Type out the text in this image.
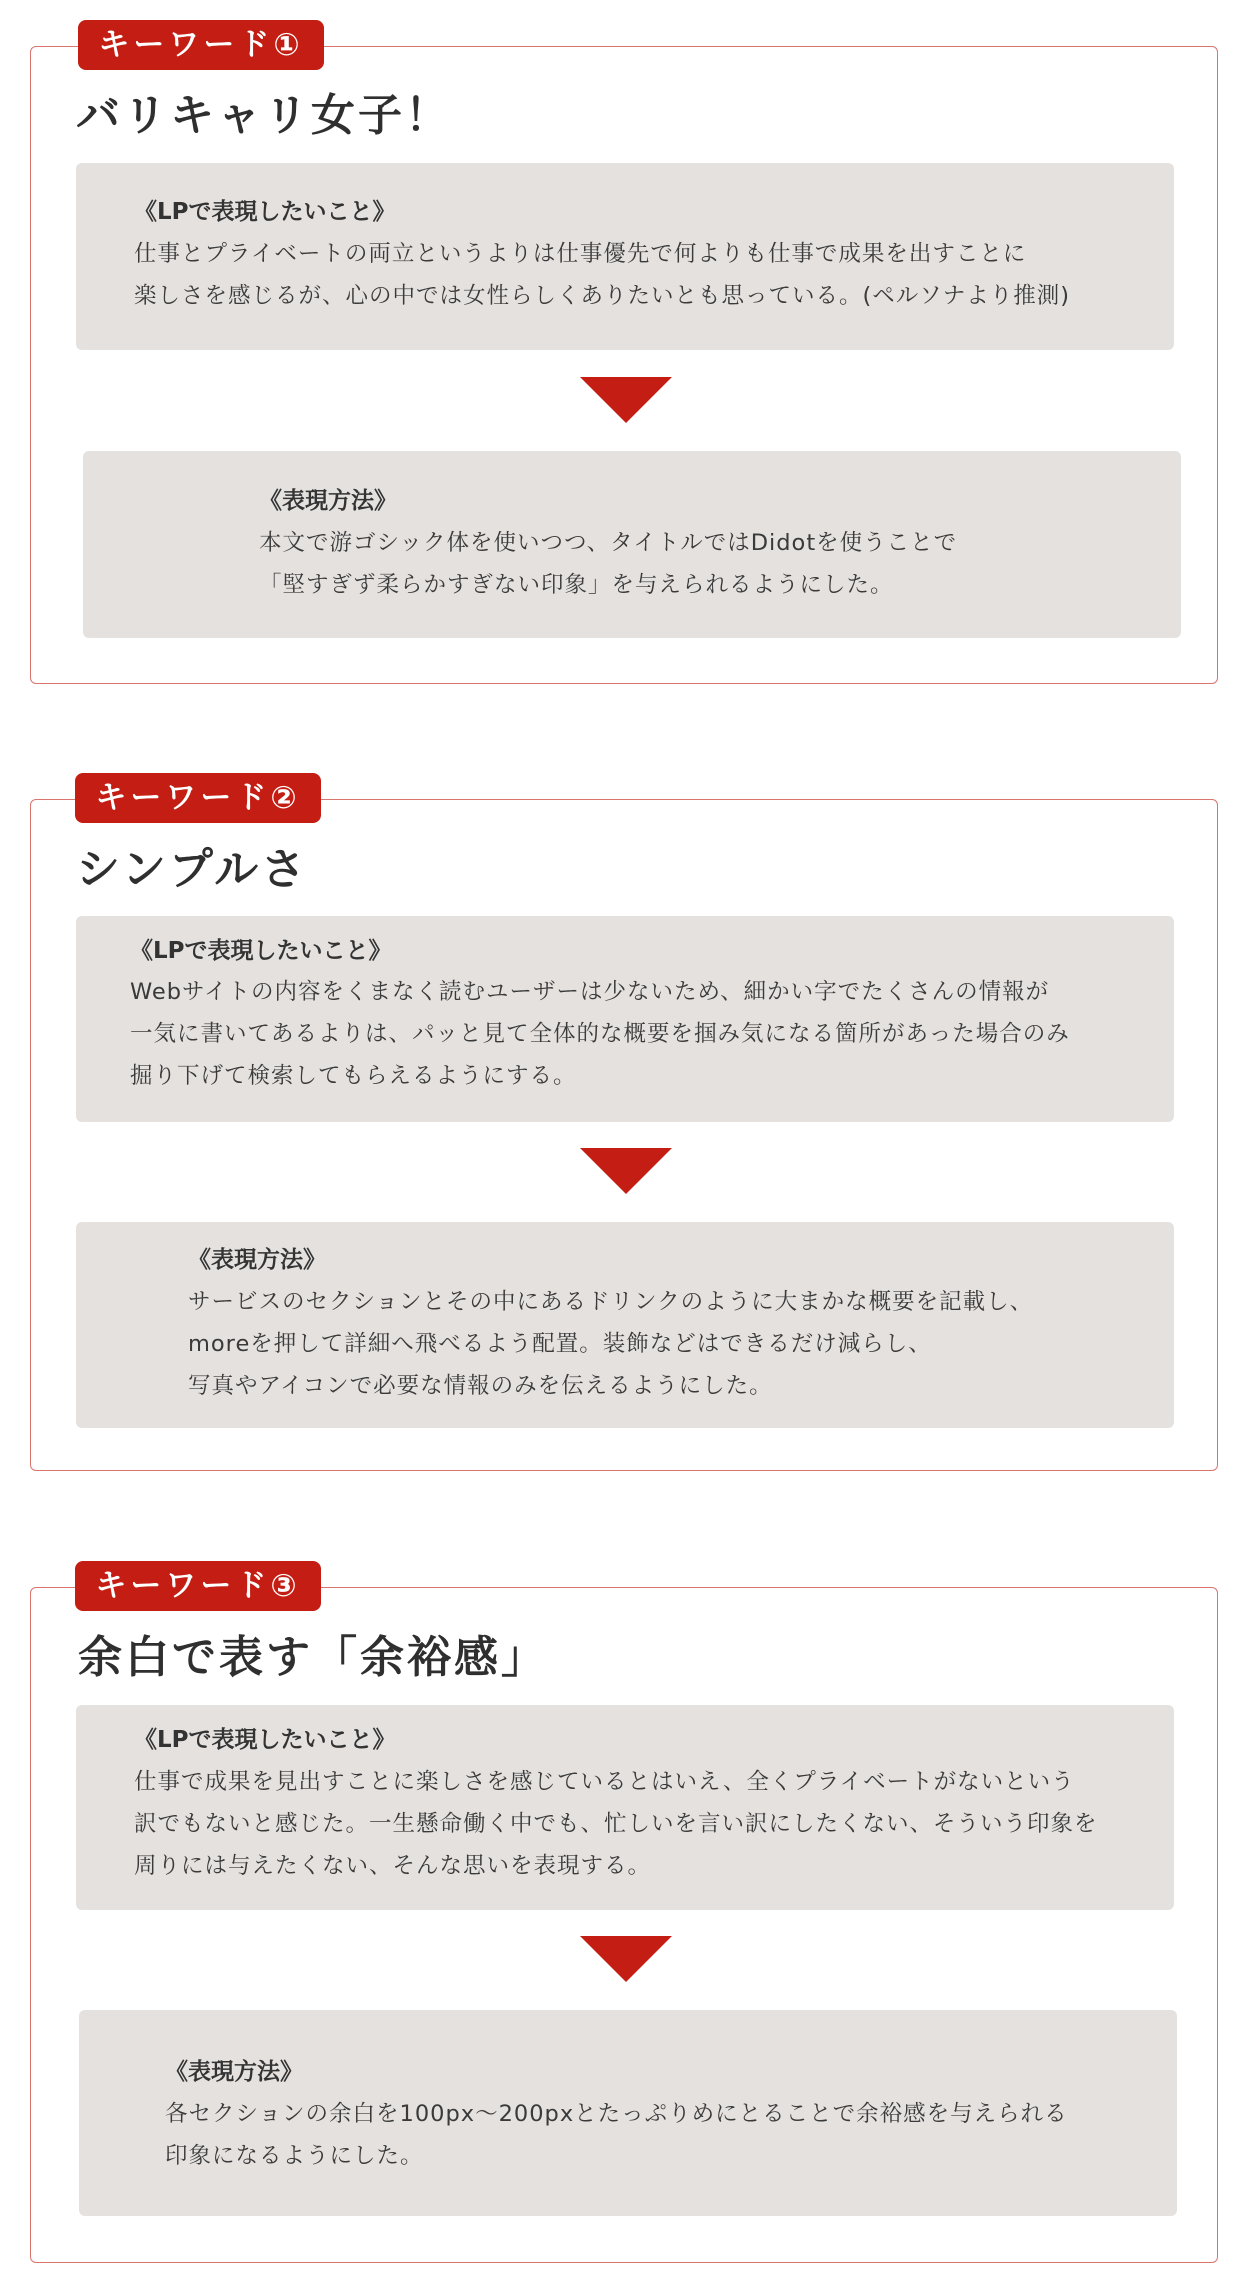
キーワード①
バリキャリ女子！
《LPで表現したいこと》
仕事とプライベートの両立というよりは仕事優先で何よりも仕事で成果を出すことに
楽しさを感じるが、心の中では女性らしくありたいとも思っている。(ペルソナより推測)
《表現方法》
本文で游ゴシック体を使いつつ、タイトルではDidotを使うことで
「堅すぎず柔らかすぎない印象」を与えられるようにした。
キーワード②
シンプルさ
《LPで表現したいこと》
Webサイトの内容をくまなく読むユーザーは少ないため、細かい字でたくさんの情報が
一気に書いてあるよりは、パッと見て全体的な概要を掴み気になる箇所があった場合のみ
掘り下げて検索してもらえるようにする。
《表現方法》
サービスのセクションとその中にあるドリンクのように大まかな概要を記載し、
moreを押して詳細へ飛べるよう配置。装飾などはできるだけ減らし、
写真やアイコンで必要な情報のみを伝えるようにした。
キーワード③
余白で表す「余裕感」
《LPで表現したいこと》
仕事で成果を見出すことに楽しさを感じているとはいえ、全くプライベートがないという
訳でもないと感じた。一生懸命働く中でも、忙しいを言い訳にしたくない、そういう印象を
周りには与えたくない、そんな思いを表現する。
《表現方法》
各セクションの余白を100px〜200pxとたっぷりめにとることで余裕感を与えられる
印象になるようにした。
